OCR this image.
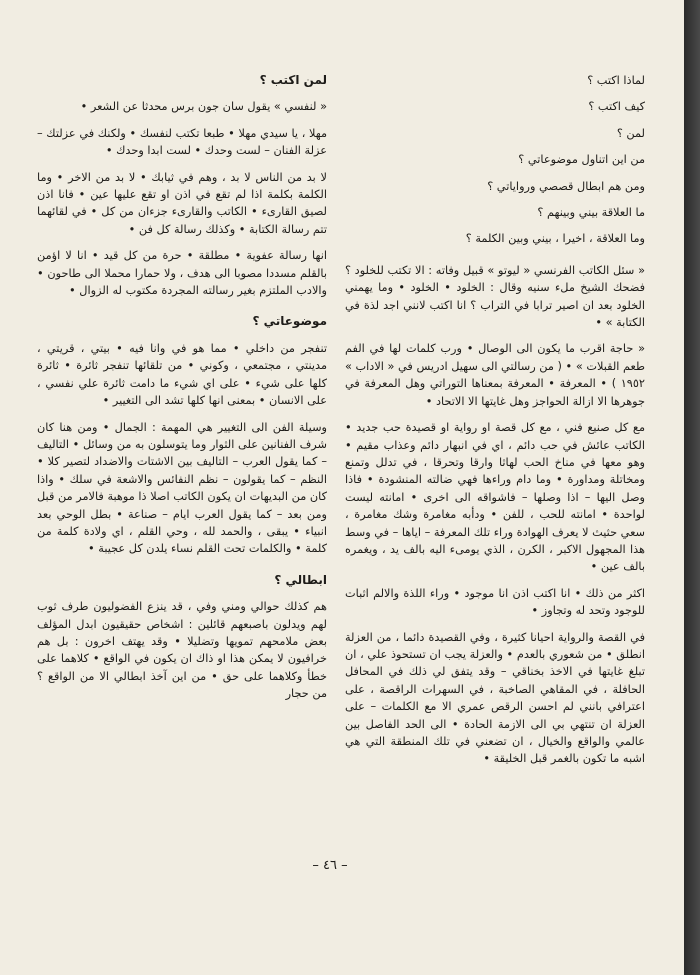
لماذا اكتب ؟

كيف اكتب ؟

لمن ؟

من اين اتناول موضوعاتي ؟

ومن هم ابطال قصصي ورواياتي ؟

ما العلاقة بيني وبينهم ؟

وما العلاقة ، اخيرا ، بيني وبين الكلمة ؟

« سئل الكاتب الفرنسي « ليوتو » قبيل وفاته : الا تكتب للخلود ؟ فضحك الشيخ ملء سنيه وقال : الخلود • الخلود • وما يهمني الخلود بعد ان اصير ترابا في التراب ؟ انا اكتب لانني اجد لذة في الكتابة » •

« حاجة اقرب ما يكون الى الوصال • ورب كلمات لها في الفم طعم القبلات » • ( من رسالتي الى سهيل ادريس في « الاداب » ١٩٥٢ ) • المعرفة • المعرفة بمعناها التوراتي وهل المعرفة في جوهرها الا ازالة الحواجز وهل غايتها الا الاتحاد •

مع كل صنيع فني ، مع كل قصة او رواية او قصيدة حب جديد • الكاتب عائش في حب دائم ، اي في انبهار دائم وعذاب مقيم • وهو معها في مناخ الحب لهاثا وارقا وتحرقا ، في تدلل وتمنع ومخاتلة ومداورة • وما دام وراءها فهي ضالته المنشودة • فاذا وصل اليها – اذا وصلها – فاشواقه الى اخرى • امانته ليست لواحدة • امانته للحب ، للفن • ودأبه مغامرة وشك مغامرة ، سعي حثيث لا يعرف الهوادة وراء تلك المعرفة – اياها – في وسط هذا المجهول الاكبر ، الكرن ، الذي يومىء اليه بالف يد ، ويغمره بالف عين •

اكثر من ذلك • انا اكتب اذن انا موجود • وراء اللذة والالم اثبات للوجود وتحد له وتجاوز •

في القصة والرواية احيانا كثيرة ، وفي القصيدة دائما ، من العزلة انطلق • من شعوري بالعدم • والعزلة يجب ان تستحوذ علي ، ان تبلغ غايتها في الاخذ بخناقي – وقد يتفق لي ذلك في المحافل الحافلة ، في المقاهي الصاخبة ، في السهرات الراقصة ، على اعترافي بانني لم احسن الرقص عمري الا مع الكلمات – على العزلة ان تنتهي بي الى الازمة الحادة • الى الحد الفاصل بين عالمي والواقع والخيال ، ان تضعني في تلك المنطقة التي هي اشبه ما تكون بالغمر قبل الخليقة •

لمن اكتب ؟

« لنفسي » يقول سان جون برس محدثا عن الشعر •

مهلا ، يا سيدي مهلا • طبعا تكتب لنفسك • ولكنك في عزلتك – عزلة الفنان – لست وحدك • لست ابدا وحدك •

لا بد من الناس لا بد ، وهم في ثيابك • لا بد من الاخر • وما الكلمة بكلمة اذا لم تقع في اذن او تقع عليها عين • فانا اذن لصيق القارىء • الكاتب والقارىء جزءان من كل • في لقائهما تتم رسالة الكتابة • وكذلك رسالة كل فن •

انها رسالة عفوية • مطلقة • حرة من كل قيد • انا لا اؤمن بالقلم مسددا مصوبا الى هدف ، ولا حمارا محملا الى طاحون • والادب الملتزم بغير رسالته المجردة مكتوب له الزوال •

موضوعاتي ؟

تنفجر من داخلي • مما هو في وانا فيه • بيتي ، قريتي ، مدينتي ، مجتمعي ، وكوني • من تلقائها تنفجر ثائرة • ثائرة كلها على شيء • على اي شيء ما دامت ثائرة علي نفسي ، على الانسان • بمعنى انها كلها تشد الى التغيير •

وسيلة الفن الى التغيير هي المهمة : الجمال • ومن هنا كان شرف الفنانين على الثوار وما يتوسلون به من وسائل • التاليف – كما يقول العرب – التاليف بين الاشتات والاضداد لتصير كلا • النظم – كما يقولون – نظم النفائس والاشعة في سلك • واذا كان من البديهات ان يكون الكاتب اصلا ذا موهبة فالامر من قبل ومن بعد – كما يقول العرب ايام – صناعة • بطل الوحي بعد انبياء • يبقى ، والحمد لله ، وحي القلم ، اي ولادة كلمة من كلمة • والكلمات تحت القلم نساء يلدن كل عجيبة •

ابطالي ؟

هم كذلك حوالي ومني وفي ، قد ينزع الفضوليون طرف ثوب لهم ويدلون باصبعهم قائلين : اشخاص حقيقيون ابدل المؤلف بعض ملامحهم تمويها وتضليلا • وقد يهتف اخرون : بل هم خرافيون لا يمكن هذا او ذاك ان يكون في الواقع • كلاهما على خطأ وكلاهما على حق • من اين آخذ ابطالي الا من الواقع ؟ من حجار

– ٤٦ –
